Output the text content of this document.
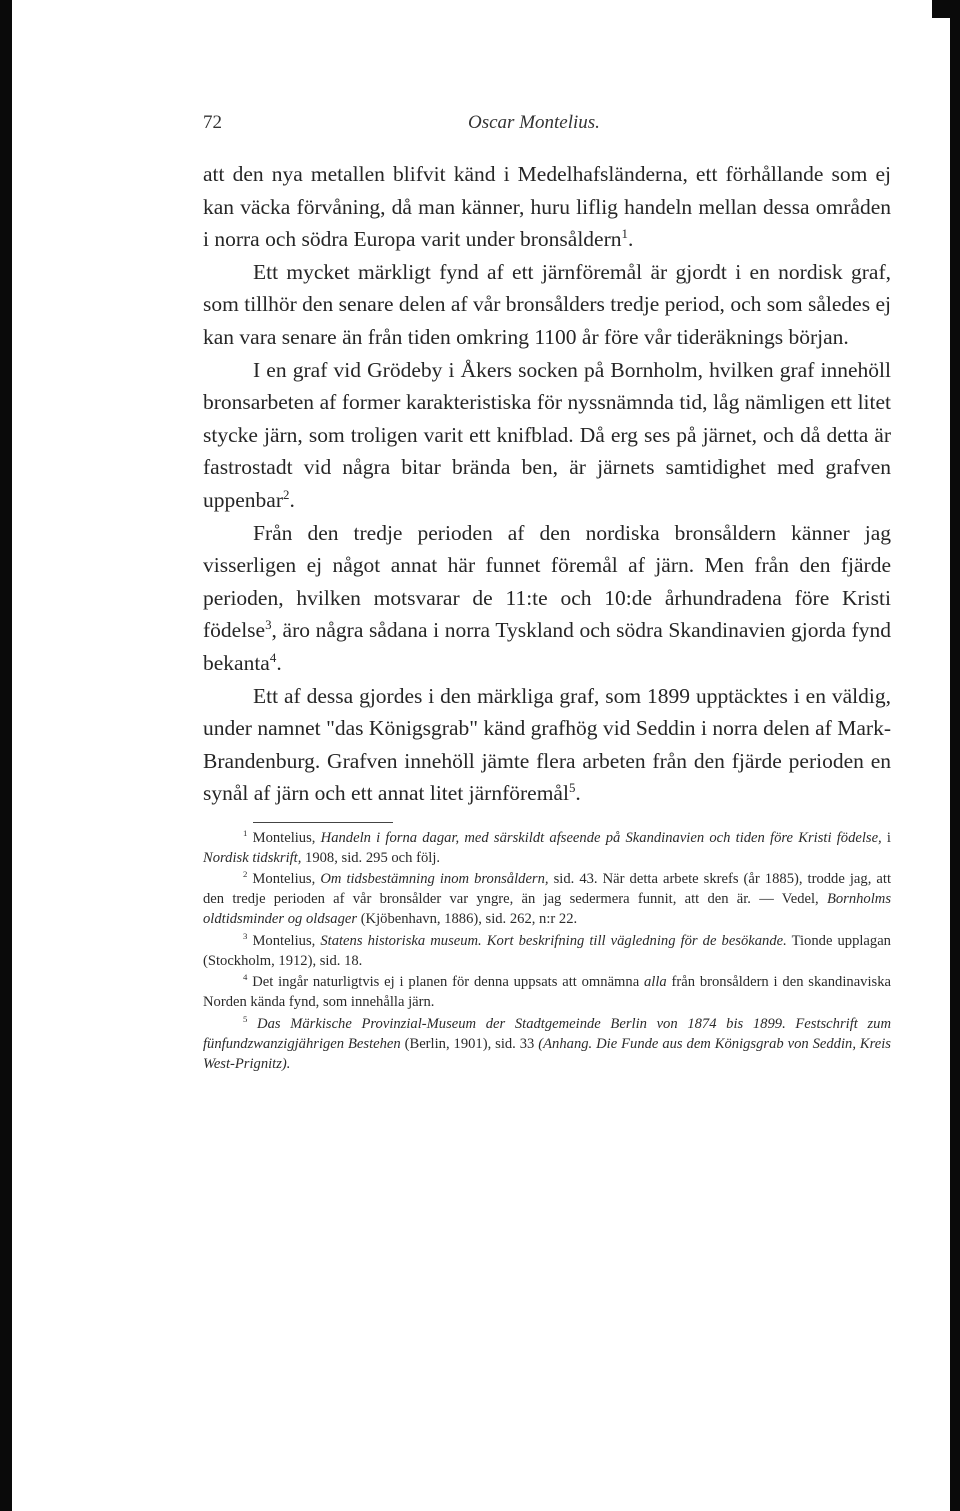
72	Oscar Montelius.

att den nya metallen blifvit känd i Medelhafsländerna, ett förhållande som ej kan väcka förvåning, då man känner, huru liflig handeln mellan dessa områden i norra och södra Europa varit under bronsåldern$^1$.

Ett mycket märkligt fynd af ett järnföremål är gjordt i en nordisk graf, som tillhör den senare delen af vår bronsålders tredje period, och som således ej kan vara senare än från tiden omkring 1100 år före vår tideräknings början.

I en graf vid Grödeby i Åkers socken på Bornholm, hvilken graf innehöll bronsarbeten af former karakteristiska för nyssnämnda tid, låg nämligen ett litet stycke järn, som troligen varit ett knifblad. Då erg ses på järnet, och då detta är fastrostadt vid några bitar brända ben, är järnets samtidighet med grafven uppenbar$^2$.

Från den tredje perioden af den nordiska bronsåldern känner jag visserligen ej något annat här funnet föremål af järn. Men från den fjärde perioden, hvilken motsvarar de 11:te och 10:de århundradena före Kristi födelse$^3$, äro några sådana i norra Tyskland och södra Skandinavien gjorda fynd bekanta$^4$.

Ett af dessa gjordes i den märkliga graf, som 1899 upptäcktes i en väldig, under namnet "das Königsgrab" känd grafhög vid Seddin i norra delen af Mark-Brandenburg. Grafven innehöll jämte flera arbeten från den fjärde perioden en synål af järn och ett annat litet järnföremål$^5$.

$^1$ Montelius, Handeln i forna dagar, med särskildt afseende på Skandinavien och tiden före Kristi födelse, i Nordisk tidskrift, 1908, sid. 295 och följ.

$^2$ Montelius, Om tidsbestämning inom bronsåldern, sid. 43. När detta arbete skrefs (år 1885), trodde jag, att den tredje perioden af vår bronsålder var yngre, än jag sedermera funnit, att den är. — Vedel, Bornholms oldtidsminder og oldsager (Kjöbenhavn, 1886), sid. 262, n:r 22.

$^3$ Montelius, Statens historiska museum. Kort beskrifning till vägledning för de besökande. Tionde upplagan (Stockholm, 1912), sid. 18.

$^4$ Det ingår naturligtvis ej i planen för denna uppsats att omnämna alla från bronsåldern i den skandinaviska Norden kända fynd, som innehålla järn.

$^5$ Das Märkische Provinzial-Museum der Stadtgemeinde Berlin von 1874 bis 1899. Festschrift zum fünfundzwanzigjährigen Bestehen (Berlin, 1901), sid. 33 (Anhang. Die Funde aus dem Königsgrab von Seddin, Kreis West-Prignitz).
